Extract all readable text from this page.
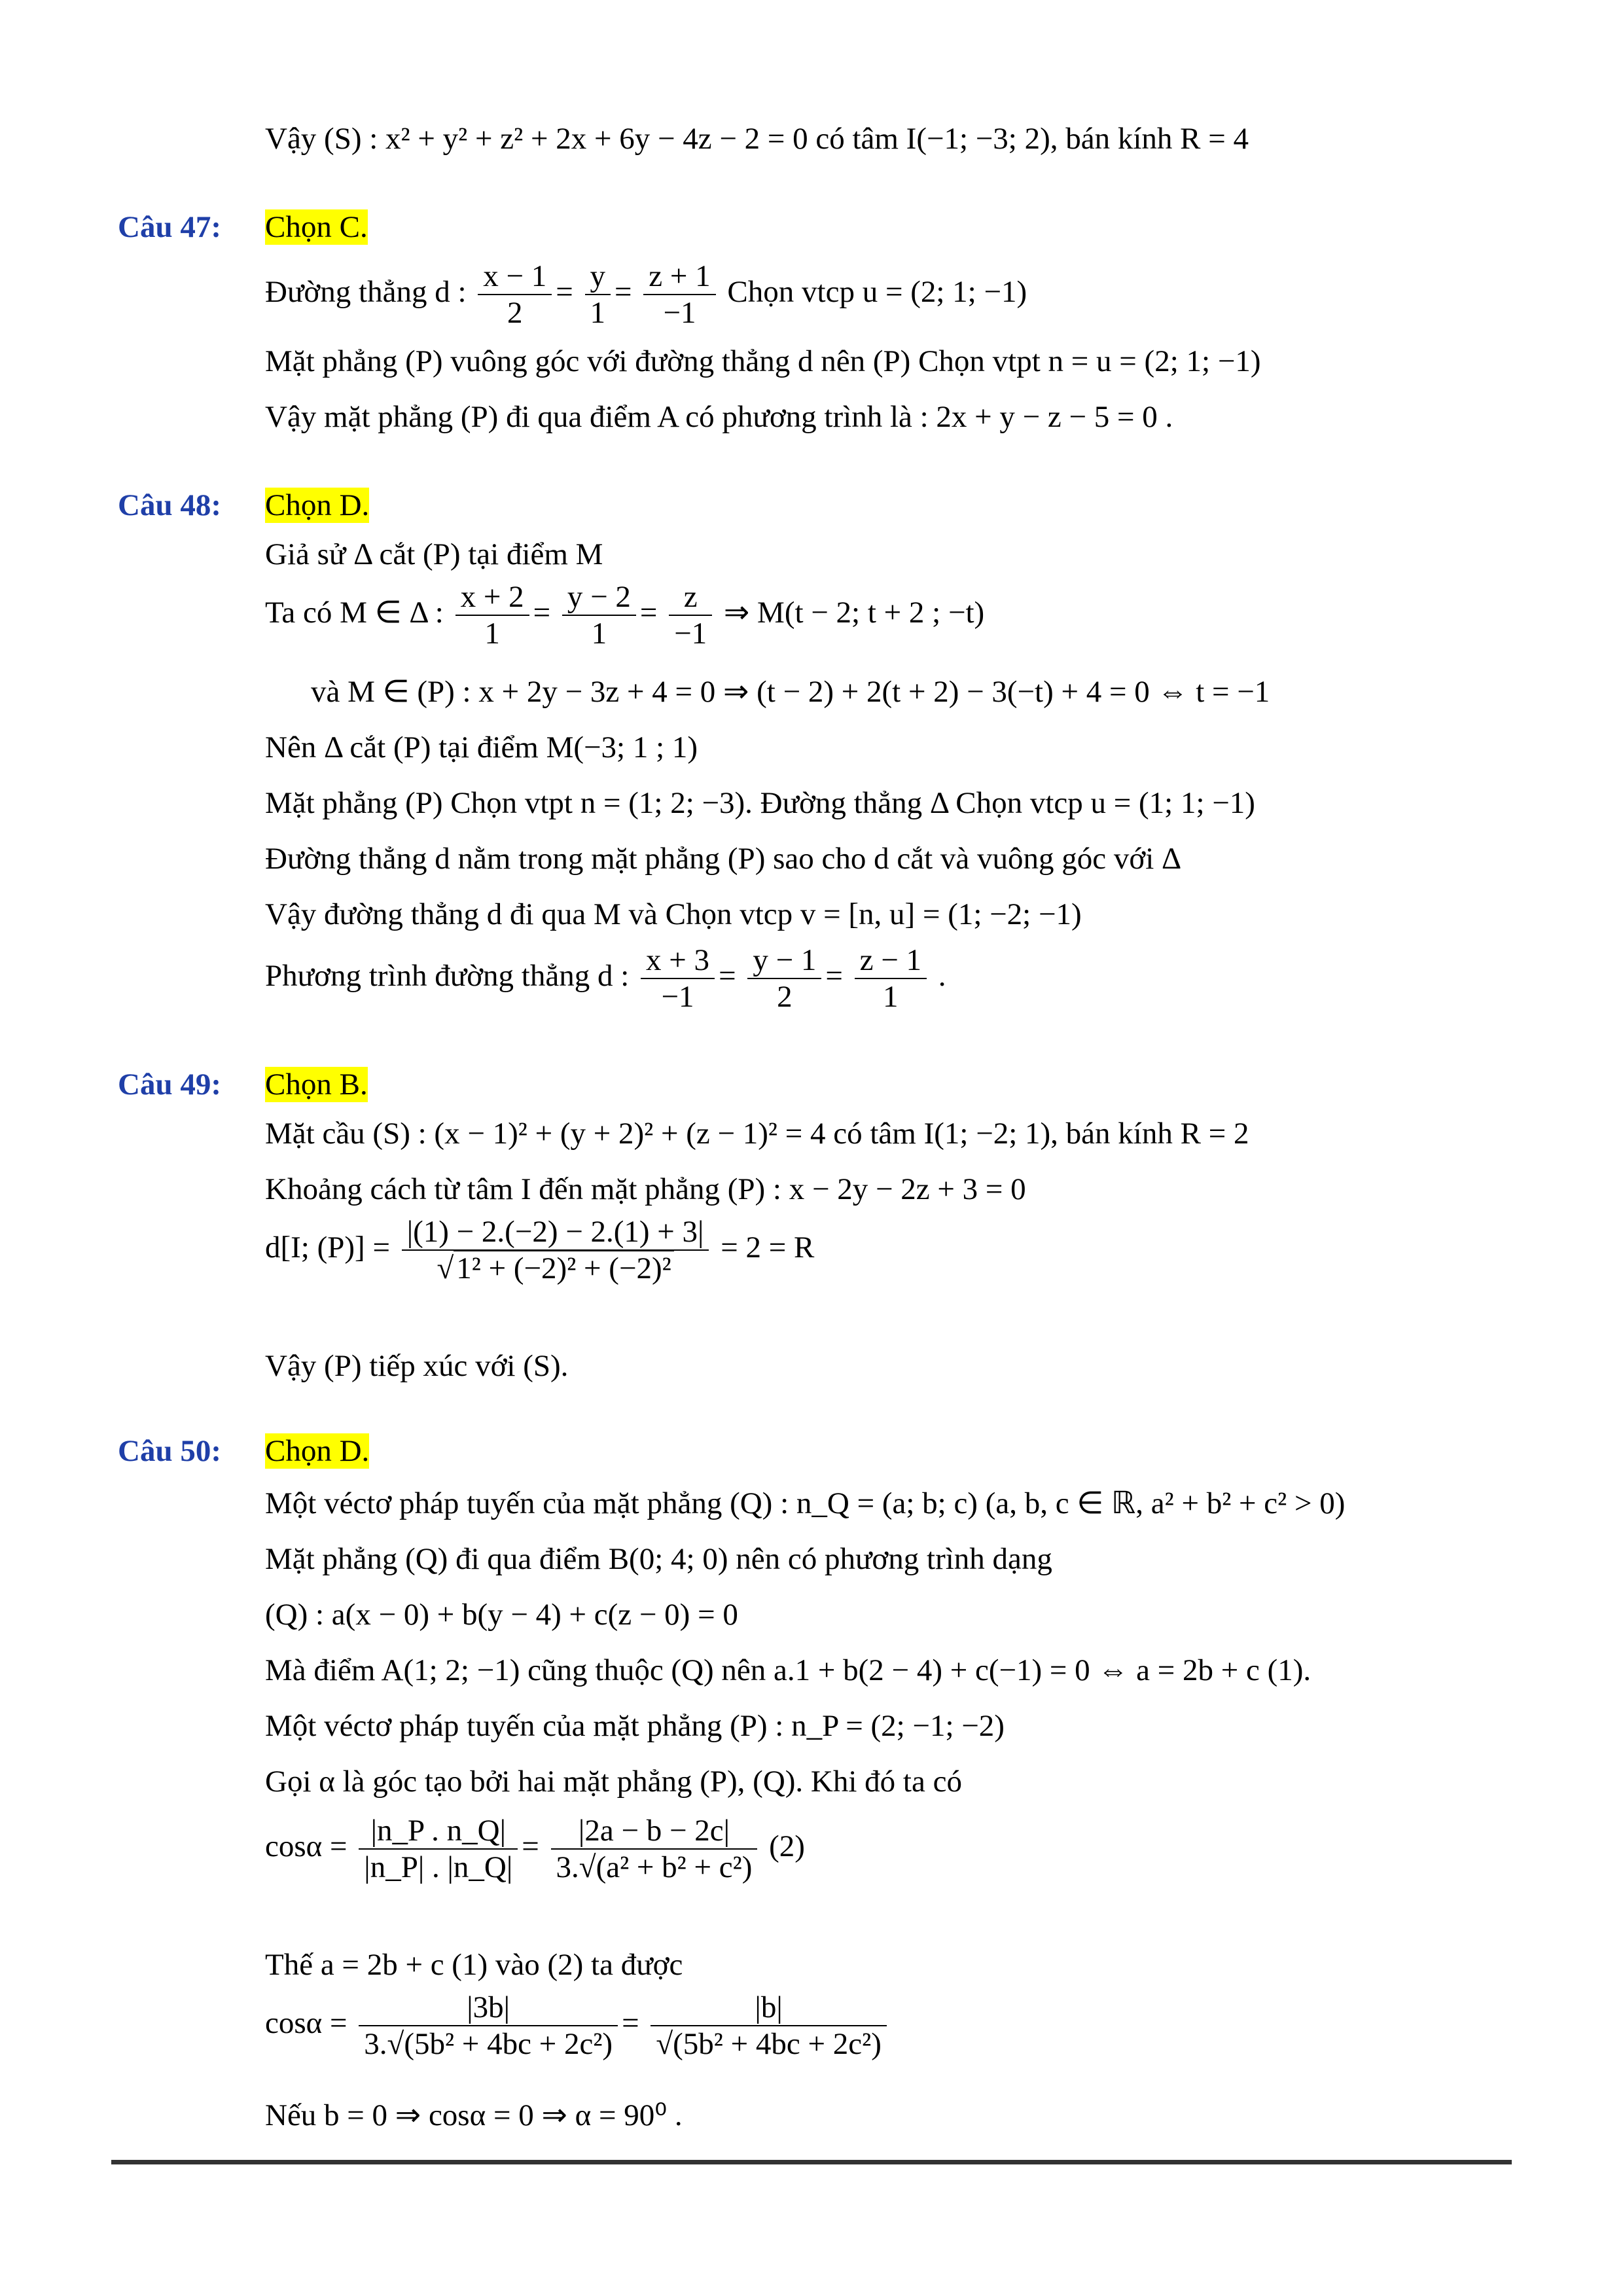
Vậy (S) : x² + y² + z² + 2x + 6y − 4z − 2 = 0 có tâm I(−1; −3; 2), bán kính R = 4
Câu 47: Chọn C.
Đường thẳng d : $\frac{x - 1}{2} = \frac{y}{1} = \frac{z + 1}{-1}$ Chọn vtcp u = (2; 1; −1)
Mặt phẳng (P) vuông góc với đường thẳng d nên (P) Chọn vtpt n = u = (2; 1; −1)
Vậy mặt phẳng (P) đi qua điểm A có phương trình là : 2x + y − z − 5 = 0 .
Câu 48: Chọn D.
Giả sử Δ cắt (P) tại điểm M
Ta có M ∈ Δ : $\frac{x + 2}{1} = \frac{y - 2}{1} = \frac{z}{-1}$ ⇒ M(t − 2; t + 2 ; −t)
và M ∈ (P) : x + 2y − 3z + 4 = 0 ⇒ (t − 2) + 2(t + 2) − 3(−t) + 4 = 0 ⇔ t = −1
Nên Δ cắt (P) tại điểm M(−3; 1 ; 1)
Mặt phẳng (P) Chọn vtpt n = (1; 2; −3). Đường thẳng Δ Chọn vtcp u = (1; 1; −1)
Đường thẳng d nằm trong mặt phẳng (P) sao cho d cắt và vuông góc với Δ
Vậy đường thẳng d đi qua M và Chọn vtcp v = [n, u] = (1; −2; −1)
Phương trình đường thẳng d : $\frac{x + 3}{-1} = \frac{y - 1}{2} = \frac{z - 1}{1}$ .
Câu 49: Chọn B.
Mặt cầu (S) : (x − 1)² + (y + 2)² + (z − 1)² = 4 có tâm I(1; −2; 1), bán kính R = 2
Khoảng cách từ tâm I đến mặt phẳng (P) : x − 2y − 2z + 3 = 0
d[I; $(P)] = \frac{|(1) - 2.(-2) - 2.(1) + 3|}{\text{√1² + (−2)² + (−2)²}} = 2 = R$
Vậy (P) tiếp xúc với (S).
Câu 50: Chọn D.
Một véctơ pháp tuyến của mặt phẳng (Q) : n_Q = (a; b; c) (a, b, c ∈ ℝ, a² + b² + c² > 0)
Mặt phẳng (Q) đi qua điểm B(0; 4; 0) nên có phương trình dạng
(Q) : a(x − 0) + b(y − 4) + c(z − 0) = 0
Mà điểm A(1; 2; −1) cũng thuộc (Q) nên a.1 + b(2 − 4) + c(−1) = 0 ⇔ a = 2b + c (1).
Một véctơ pháp tuyến của mặt phẳng (P) : n_P = (2; −1; −2)
Gọi α là góc tạo bởi hai mặt phẳng (P), (Q). Khi đó ta có
$\cos\alpha = \frac{|n\_P . n\_Q|}{|n\_P| . |n\_Q|} = \frac{|2a - b - 2c|}{\text{3.√(a² + b² + c²)}} (2)$
Thế a = 2b + c (1) vào (2) ta được
$\cos\alpha = \frac{|3b|}{\text{3.√(5b² + 4bc + 2c²)}} = \frac{|b|}{\text{√(5b² + 4bc + 2c²)}}$
Nếu b = 0 ⇒ cosα = 0 ⇒ α = 90⁰ .
